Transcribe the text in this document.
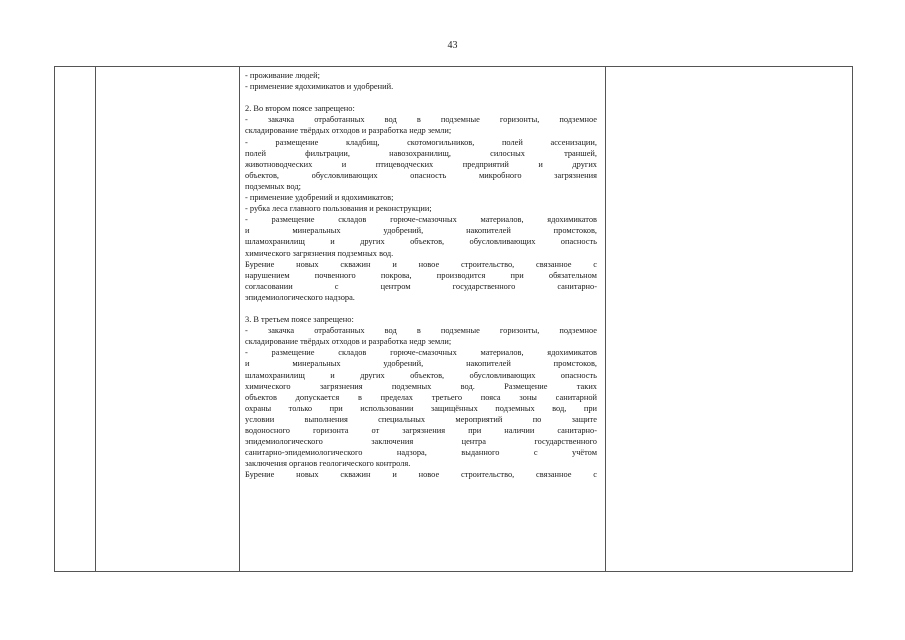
43
- проживание людей;
- применение ядохимикатов и удобрений.
2. Во втором поясе запрещено:
- закачка отработанных вод в подземные горизонты, подземное
складирование твёрдых отходов и разработка недр земли;
- размещение кладбищ, скотомогильников, полей ассенизации,
полей фильтрации, навозохранилищ, силосных траншей,
животноводческих и птицеводческих предприятий и других
объектов, обусловливающих опасность микробного загрязнения
подземных вод;
- применение удобрений и ядохимикатов;
- рубка леса главного пользования и реконструкции;
- размещение складов горюче-смазочных материалов, ядохимикатов
и минеральных удобрений, накопителей промстоков,
шламохранилищ и других объектов, обусловливающих опасность
химического загрязнения подземных вод.
Бурение новых скважин и новое строительство, связанное с
нарушением почвенного покрова, производится при обязательном
согласовании с центром государственного санитарно-
эпидемиологического надзора.
3. В третьем поясе запрещено:
- закачка отработанных вод в подземные горизонты, подземное
складирование твёрдых отходов и разработка недр земли;
- размещение складов горюче-смазочных материалов, ядохимикатов
и минеральных удобрений, накопителей промстоков,
шламохранилищ и других объектов, обусловливающих опасность
химического загрязнения подземных вод. Размещение таких
объектов допускается в пределах третьего пояса зоны санитарной
охраны только при использовании защищённых подземных вод, при
условии выполнения специальных мероприятий по защите
водоносного горизонта от загрязнения при наличии санитарно-
эпидемиологического заключения центра государственного
санитарно-эпидемиологического надзора, выданного с учётом
заключения органов геологического контроля.
Бурение новых скважин и новое строительство, связанное с
